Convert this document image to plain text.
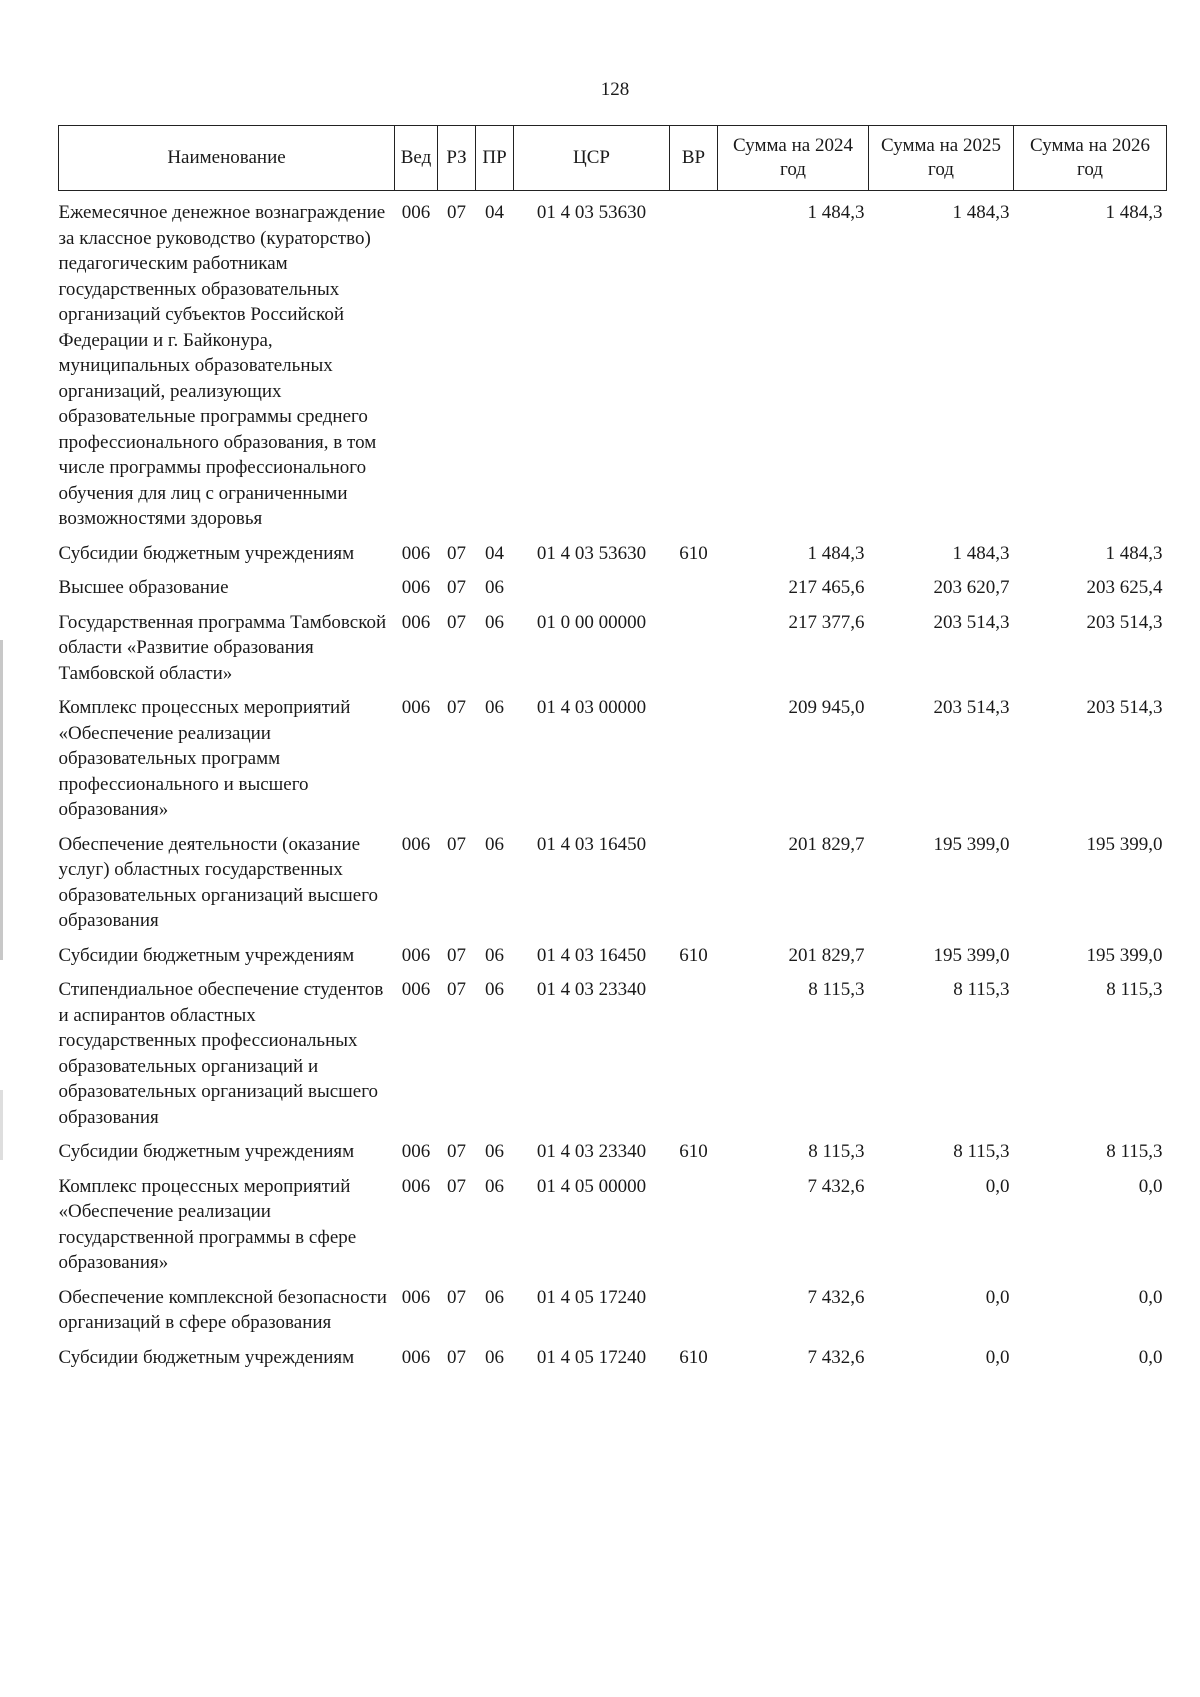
128
Наименование	Вед	РЗ	ПР	ЦСР	ВР	Сумма на 2024 год	Сумма на 2025 год	Сумма на 2026 год
Ежемесячное денежное вознаграждение за классное руководство (кураторство) педагогическим работникам государственных образовательных организаций субъектов Российской Федерации и г. Байконура, муниципальных образовательных организаций, реализующих образовательные программы среднего профессионального образования, в том числе программы профессионального обучения для лиц с ограниченными возможностями здоровья	006	07	04	01 4 03 53630		1 484,3	1 484,3	1 484,3
Субсидии бюджетным учреждениям	006	07	04	01 4 03 53630	610	1 484,3	1 484,3	1 484,3
Высшее образование	006	07	06			217 465,6	203 620,7	203 625,4
Государственная программа Тамбовской области «Развитие образования Тамбовской области»	006	07	06	01 0 00 00000		217 377,6	203 514,3	203 514,3
Комплекс процессных мероприятий «Обеспечение реализации образовательных программ профессионального и высшего образования»	006	07	06	01 4 03 00000		209 945,0	203 514,3	203 514,3
Обеспечение деятельности (оказание услуг) областных государственных образовательных организаций высшего образования	006	07	06	01 4 03 16450		201 829,7	195 399,0	195 399,0
Субсидии бюджетным учреждениям	006	07	06	01 4 03 16450	610	201 829,7	195 399,0	195 399,0
Стипендиальное обеспечение студентов и аспирантов областных государственных профессиональных образовательных организаций и образовательных организаций высшего образования	006	07	06	01 4 03 23340		8 115,3	8 115,3	8 115,3
Субсидии бюджетным учреждениям	006	07	06	01 4 03 23340	610	8 115,3	8 115,3	8 115,3
Комплекс процессных мероприятий «Обеспечение реализации государственной программы в сфере образования»	006	07	06	01 4 05 00000		7 432,6	0,0	0,0
Обеспечение комплексной безопасности организаций в сфере образования	006	07	06	01 4 05 17240		7 432,6	0,0	0,0
Субсидии бюджетным учреждениям	006	07	06	01 4 05 17240	610	7 432,6	0,0	0,0
